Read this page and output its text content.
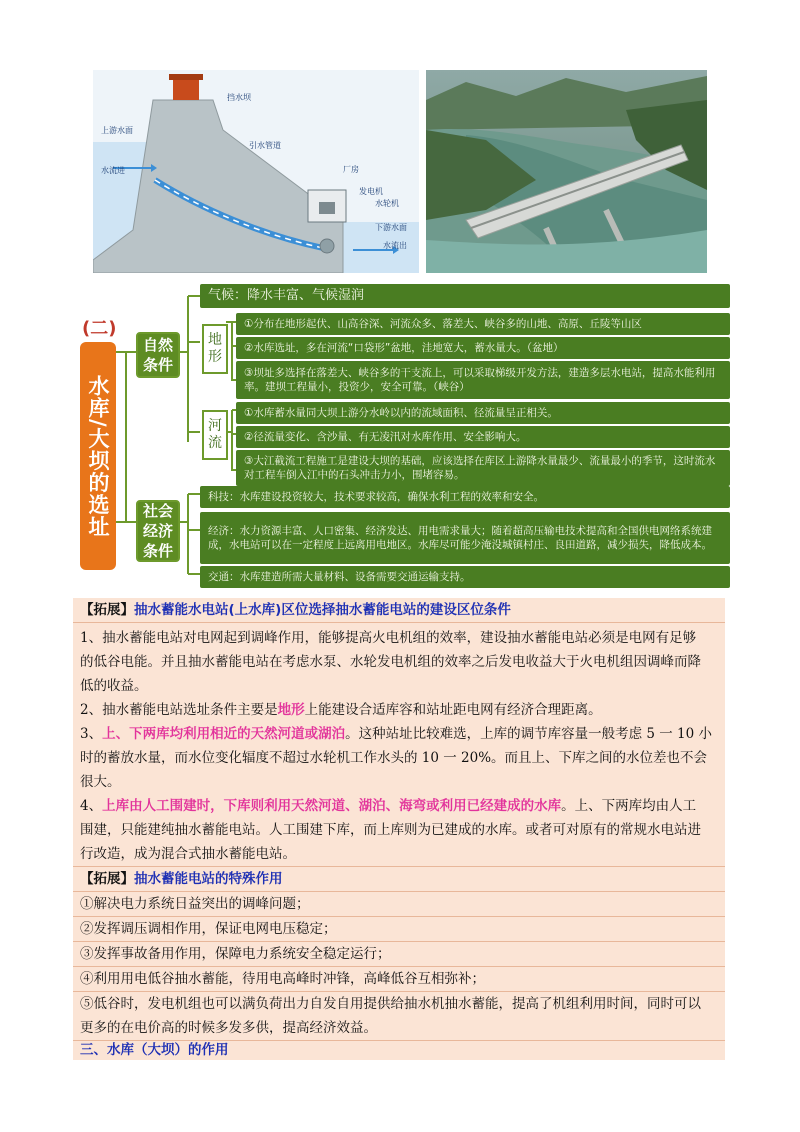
上游水面
挡水坝
引水管道
厂房
发电机
水轮机
水流进
下游水面
水流出
(二)
水库/大坝的选址
自然条件
气候：降水丰富、气候湿润
地形
①分布在地形起伏、山高谷深、河流众多、落差大、峡谷多的山地、高原、丘陵等山区
②水库选址，多在河流“口袋形”盆地，洼地宽大，蓄水量大。（盆地）
③坝址多选择在落差大、峡谷多的干支流上，可以采取梯级开发方法，建造多层水电站，提高水能利用率。建坝工程量小，投资少，安全可靠。（峡谷）
河流
①水库蓄水量同大坝上游分水岭以内的流域面积、径流量呈正相关。
②径流量变化、含沙量、有无凌汛对水库作用、安全影响大。
③大江截流工程施工是建设大坝的基础，应该选择在库区上游降水量最少、流量最小的季节，这时流水对工程车倒入江中的石头冲击力小，围堵容易。
社会经济条件
科技：水库建设投资较大，技术要求较高，确保水利工程的效率和安全。
经济：水力资源丰富、人口密集、经济发达、用电需求量大；随着超高压输电技术提高和全国供电网络系统建成，水电站可以在一定程度上远离用电地区。水库尽可能少淹没城镇村庄、良田道路，减少损失，降低成本。
交通：水库建造所需大量材料、设备需要交通运输支持。
【拓展】抽水蓄能水电站(上水库)区位选择抽水蓄能电站的建设区位条件
1、抽水蓄能电站对电网起到调峰作用，能够提高火电机组的效率，建设抽水蓄能电站必须是电网有足够
的低谷电能。并且抽水蓄能电站在考虑水泵、水轮发电机组的效率之后发电收益大于火电机组因调峰而降
低的收益。
2、抽水蓄能电站选址条件主要是地形上能建设合适库容和站址距电网有经济合理距离。
3、上、下两库均利用相近的天然河道或湖泊。这种站址比较难选，上库的调节库容量一般考虑 5 一 10 小
时的蓄放水量，而水位变化辐度不超过水轮机工作水头的 10 一 20%。而且上、下库之间的水位差也不会
很大。
4、上库由人工围建时，下库则利用天然河道、湖泊、海弯或利用已经建成的水库。上、下两库均由人工
围建，只能建纯抽水蓄能电站。人工围建下库，而上库则为已建成的水库。或者可对原有的常规水电站进
行改造，成为混合式抽水蓄能电站。
【拓展】抽水蓄能电站的特殊作用
①解决电力系统日益突出的调峰问题；
②发挥调压调相作用，保证电网电压稳定；
③发挥事故备用作用，保障电力系统安全稳定运行；
④利用用电低谷抽水蓄能，待用电高峰时冲锋，高峰低谷互相弥补；
⑤低谷时，发电机组也可以满负荷出力自发自用提供给抽水机抽水蓄能，提高了机组利用时间，同时可以
更多的在电价高的时候多发多供，提高经济效益。
三、水库（大坝）的作用
